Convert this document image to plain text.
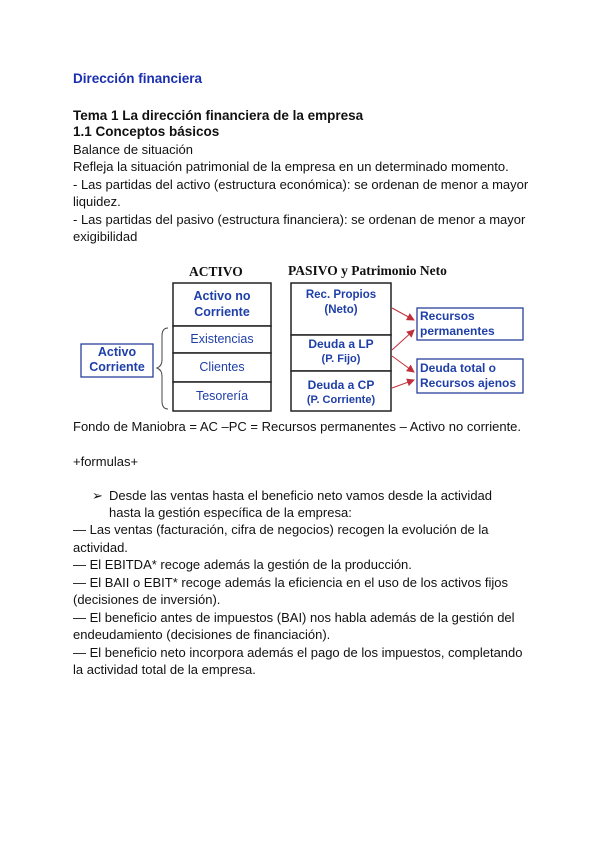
Dirección financiera
Tema 1 La dirección financiera de la empresa
1.1 Conceptos básicos
Balance de situación
Refleja la situación patrimonial de la empresa en un determinado momento.
- Las partidas del activo (estructura económica): se ordenan de menor a mayor liquidez.
- Las partidas del pasivo (estructura financiera): se ordenan de menor a mayor exigibilidad
ACTIVO	PASIVO y Patrimonio Neto
Activo no
Corriente
Existencias
Clientes
Tesorería
Activo
Corriente
Rec. Propios
(Neto)
Deuda a LP
(P. Fijo)
Deuda a CP
(P. Corriente)
Recursos
permanentes
Deuda total o
Recursos ajenos
Fondo de Maniobra = AC –PC = Recursos permanentes – Activo no corriente.
+formulas+
➢ Desde las ventas hasta el beneficio neto vamos desde la actividad hasta la gestión específica de la empresa:

— Las ventas (facturación, cifra de negocios) recogen la evolución de la actividad.

— El EBITDA* recoge además la gestión de la producción.

— El BAII o EBIT* recoge además la eficiencia en el uso de los activos fijos (decisiones de inversión).

— El beneficio antes de impuestos (BAI) nos habla además de la gestión del endeudamiento (decisiones de financiación).

— El beneficio neto incorpora además el pago de los impuestos, completando la actividad total de la empresa.
